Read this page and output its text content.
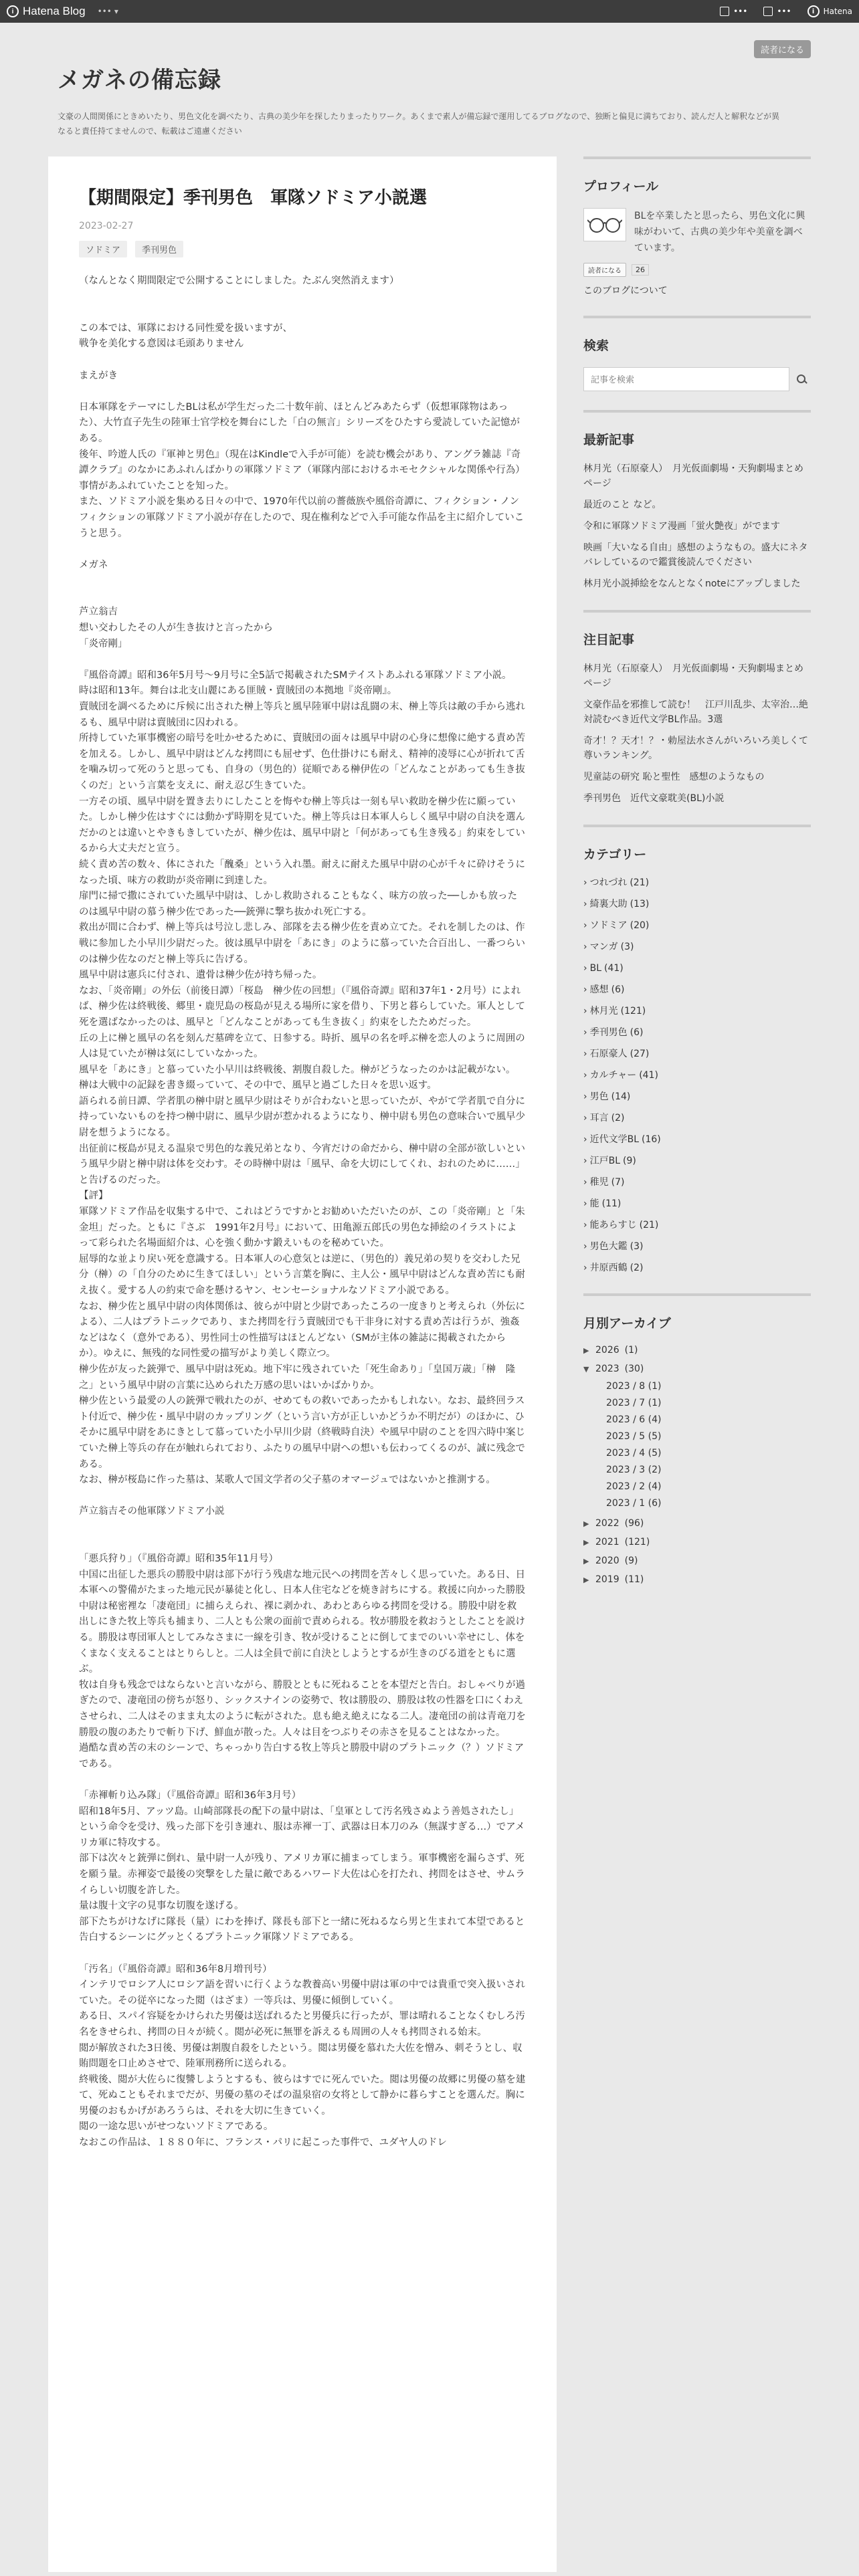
i Hatena Blog ••• ▾	•••	•••	i	Hatena
読者になる
メガネの備忘録

文豪の人間関係にときめいたり、男色文化を調べたり、古典の美少年を探したりまったりワーク。あくまで素人が備忘録で運用してるブログなので、独断と偏見に満ちており、読んだ人と解釈などが異なると責任持てませんので、転載はご遠慮ください

【期間限定】季刊男色　軍隊ソドミア小説選
2023-02-27
ソドミア	季刊男色

（なんとなく期間限定で公開することにしました。たぶん突然消えます）

この本では、軍隊における同性愛を扱いますが、

戦争を美化する意図は毛頭ありません

まえがき

日本軍隊をテーマにしたBLは私が学生だった二十数年前、ほとんどみあたらず（仮想軍隊物はあった）、大竹直子先生の陸軍士官学校を舞台にした「白の無言」シリーズをひたすら愛読していた記憶がある。

後年、吟遊人氏の『軍神と男色』（現在はKindleで入手が可能）を読む機会があり、アングラ雑誌『奇譚クラブ』のなかにあふれんばかりの軍隊ソドミア（軍隊内部におけるホモセクシャルな関係や行為）事情があふれていたことを知った。

また、ソドミア小説を集める日々の中で、1970年代以前の薔薇族や風俗奇譚に、フィクション・ノンフィクションの軍隊ソドミア小説が存在したので、現在権利などで入手可能な作品を主に紹介していこうと思う。

メガネ

芦立翁吉

想い交わしたその人が生き抜けと言ったから

「炎帝剛」

『風俗奇譚』昭和36年5月号～9月号に全5話で掲載されたSMテイストあふれる軍隊ソドミア小説。

時は昭和13年。舞台は北支山麗にある匪賊・賣賊団の本拠地『炎帝剛』。

賣賊団を調べるために斥候に出された榊上等兵と風早陸軍中尉は乱闘の末、榊上等兵は敵の手から逃れるも、風早中尉は賣賊団に囚われる。

所持していた軍事機密の暗号を吐かせるために、賣賊団の面々は風早中尉の心身に想像に絶する責め苦を加える。しかし、風早中尉はどんな拷問にも屈せず、色仕掛けにも耐え、精神的凌辱に心が折れて舌を噛み切って死のうと思っても、自身の（男色的）従順である榊伊佐の「どんなことがあっても生き抜くのだ」という言葉を支えに、耐え忍び生きていた。

一方その頃、風早中尉を置き去りにしたことを悔やむ榊上等兵は一刻も早い救助を榊少佐に願っていた。しかし榊少佐はすぐには動かず時期を見ていた。榊上等兵は日本軍人らしく風早中尉の自決を選んだかのとは違いとやきもきしていたが、榊少佐は、風早中尉と「何があっても生き残る」約束をしているから大丈夫だと宣う。

続く責め苦の数々、体にされた「醜桑」という入れ墨。耐えに耐えた風早中尉の心が千々に砕けそうになった頃、味方の救助が炎帝剛に到達した。

扉門に掃で撒にされていた風早中尉は、しかし救助されることもなく、味方の放った──しかも放ったのは風早中尉の慕う榊少佐であった──銃弾に撃ち抜かれ死亡する。

救出が間に合わず、榊上等兵は号泣し悲しみ、部隊を去る榊少佐を責め立てた。それを制したのは、作戦に参加した小早川少尉だった。彼は風早中尉を「あにき」のように慕っていた合百出し、一番つらいのは榊少佐なのだと榊上等兵に告げる。

風早中尉は憲兵に付され、遺骨は榊少佐が持ち帰った。

なお、「炎帝剛」の外伝（前後日譚）「桜島　榊少佐の回想」（『風俗奇譚』昭和37年1・2月号）によれば、榊少佐は終戦後、郷里・鹿児島の桜島が見える場所に家を借り、下男と暮らしていた。軍人として死を選ばなかったのは、風早と「どんなことがあっても生き抜く」約束をしたためだった。

丘の上に榊と風早の名を刻んだ墓碑を立て、日参する。時折、風早の名を呼ぶ榊を恋人のように周囲の人は見ていたが榊は気にしていなかった。

風早を「あにき」と慕っていた小早川は終戦後、割腹自殺した。榊がどうなったのかは記載がない。

榊は大戦中の記録を書き綴っていて、その中で、風早と過ごした日々を思い返す。

語られる前日譚、学者肌の榊中尉と風早少尉はそりが合わないと思っていたが、やがて学者肌で自分に持っていないものを持つ榊中尉に、風早少尉が惹かれるようになり、榊中尉も男色の意味合いで風早少尉を想うようになる。

出征前に桜島が見える温泉で男色的な義兄弟となり、今宵だけの命だから、榊中尉の全部が欲しいという風早少尉と榊中尉は体を交わす。その時榊中尉は「風早、命を大切にしてくれ、おれのために……」と告げるのだった。

【評】

軍隊ソドミア作品を収集する中で、これはどうですかとお勧めいただいたのが、この「炎帝剛」と「朱金坦」だった。ともに『さぶ　1991年2月号』において、田亀源五郎氏の男色な挿絵のイラストによって彩られた名場面紹介は、心を強く動かす鍛えいものを秘めていた。

屈辱的な並より戻い死を意識する。日本軍人の心意気とは逆に、（男色的）義兄弟の契りを交わした兄分（榊）の「自分のために生きてほしい」という言葉を胸に、主人公・風早中尉はどんな責め苦にも耐え抜く。愛する人の約束で命を懸けるヤン、センセーショナルなソドミア小説である。

なお、榊少佐と風早中尉の肉体関係は、彼らが中尉と少尉であったころの一度きりと考えられ（外伝による）、二人はプラトニックであり、また拷問を行う賣賊団でも干非身に対する責め苦は行うが、強姦などはなく（意外である）、男性同士の性描写はほとんどない（SMが主体の雑誌に掲載されたからか）。ゆえに、無残的な同性愛の描写がより美しく際立つ。

榊少佐が友った銃弾で、風早中尉は死ぬ。地下牢に残されていた「死生命あり」「皇国万歳」「榊　隆之」という風早中尉の言葉に込められた万感の思いはいかばかりか。

榊少佐という最愛の人の銃弾で戦れたのが、せめてもの救いであったかもしれない。なお、最終回ラスト付近で、榊少佐・風早中尉のカップリング（という言い方が正しいかどうか不明だが）のほかに、ひそかに風早中尉をあにきとして慕っていた小早川少尉（終戦時自決）や風早中尉のことを四六時中案じていた榊上等兵の存在が触れられており、ふたりの風早中尉への想いも伝わってくるのが、誠に残念である。

なお、榊が桜島に作った墓は、某歌人で国文学者の父子墓のオマージュではないかと推測する。

芦立翁吉その他軍隊ソドミア小説

「悪兵狩り」（『風俗奇譚』昭和35年11月号）

中国に出征した悪兵の勝股中尉は部下が行う残虐な地元民への拷問を苦々しく思っていた。ある日、日本軍への警備がたまった地元民が暴徒と化し、日本人住宅などを焼き討ちにする。救援に向かった勝股中尉は秘密裡な「凄竜団」に捕らえられ、裸に剥かれ、あわとあらゆる拷問を受ける。勝股中尉を救出しにきた牧上等兵も捕まり、二人とも公衆の面前で責められる。牧が勝股を救おうとしたことを説ける。勝股は専団軍人としてみなさまに一線を引き、牧が受けることに倒してまでのいい幸せにし、体をくまなく支えることはとりらしと。二人は全員で前に自決としようとするが生きのびる道をともに選ぶ。

牧は自身も残念ではならないと言いながら、勝股とともに死ねることを本望だと告白。おしゃべりが過ぎたので、凄竜団の傍ちが怒り、シックスナインの姿勢で、牧は勝股の、勝股は牧の性器を口にくわえさせられ、二人はそのまま丸太のように転がされた。息も絶え絶えになる二人。凄竜団の前は青竜刀を勝股の腹のあたりで斬り下げ、鮮血が散った。人々は目をつぶりその赤さを見ることはなかった。

過酷な責め苦の末のシーンで、ちゃっかり告白する牧上等兵と勝股中尉のプラトニック（？）ソドミアである。

「赤褌斬り込み隊」（『風俗奇譚』昭和36年3月号）

昭和18年5月、アッツ島。山崎部隊長の配下の量中尉は、「皇軍として汚名残さぬよう善処されたし」という命令を受け、残った部下を引き連れ、服は赤褌一丁、武器は日本刀のみ（無謀すぎる…）でアメリカ軍に特攻する。

部下は次々と銃弾に倒れ、量中尉一人が残り、アメリカ軍に捕まってしまう。軍事機密を漏らさず、死を願う量。赤褌姿で最後の突撃をした量に敵であるハワード大佐は心を打たれ、拷問をはさせ、サムライらしい切腹を許した。

量は腹十文字の見事な切腹を遂げる。

部下たちがけなげに隊長（量）にわを捧げ、隊長も部下と一緒に死ねるなら男と生まれて本望であると告白するシーンにグッとくるプラトニック軍隊ソドミアである。

「汚名」（『風俗奇譚』昭和36年8月増刊号）

インテリでロシア人にロシア語を習いに行くような教養高い男優中尉は軍の中では貴重で突入扱いされていた。その従卒になった閲（はざま）一等兵は、男優に傾倒していく。

ある日、スパイ容疑をかけられた男優は送ばれるたと男優兵に行ったが、罪は晴れることなくむしろ汚名をきせられ、拷問の日々が続く。閲が必死に無罪を訴えるも周囲の人々も拷問される始末。

閲が解放された3日後、男優は割腹自殺をしたという。閲は男優を慕れた大佐を憎み、刺そうとし、収賄問題を口止めさせで、陸軍刑務所に送られる。

終戦後、閲が大佐らに復讐しようとするも、彼らはすでに死んでいた。閲は男優の故郷に男優の墓を建て、死ぬこともそれまでだが、男優の墓のそばの温泉宿の女将として静かに暮らすことを選んだ。胸に男優のおもかげがあろうらは、それを大切に生きていく。

閲の一途な思いがせつないソドミアである。

なおこの作品は、１８８０年に、フランス・パリに起こった事件で、ユダヤ人のドレ

プロフィール
BLを卒業したと思ったら、男色文化に興味がわいて、古典の美少年や美童を調べています。
読者になる	26
このブログについて
検索
記事を検索
最新記事
林月光（石原豪人）　月光仮面劇場・天狗劇場まとめページ
最近のこと など。
令和に軍隊ソドミア漫画「蛍火艶夜」がでます
映画「大いなる自由」感想のようなもの。盛大にネタバレしているので鑑賞後読んでください
林月光小説挿絵をなんとなくnoteにアップしました
注目記事
林月光（石原豪人）　月光仮面劇場・天狗劇場まとめページ
文豪作品を邪推して読む！　江戸川乱歩、太宰治…絶対読むべき近代文学BL作品。3選
奇才！？天才！？・勅屋法水さんがいろいろ美しくて尊いランキング。
児童誌の研究 恥と聖性　感想のようなもの
季刊男色　近代文豪耽美(BL)小説
カテゴリー
› つれづれ (21)
› 綺裏大助 (13)
› ソドミア (20)
› マンガ (3)
› BL (41)
› 感想 (6)
› 林月光 (121)
› 季刊男色 (6)
› 石原豪人 (27)
› カルチャー (41)
› 男色 (14)
› 耳言 (2)
› 近代文学BL (16)
› 江戸BL (9)
› 稚児 (7)
› 能 (11)
› 能あらすじ (21)
› 男色大鑑 (3)
› 井原西鶴 (2)
月別アーカイブ
▶ 2026 (1)
▼ 2023 (30)
2023 / 8 (1)
2023 / 7 (1)
2023 / 6 (4)
2023 / 5 (5)
2023 / 4 (5)
2023 / 3 (2)
2023 / 2 (4)
2023 / 1 (6)
▶ 2022 (96)
▶ 2021 (121)
▶ 2020 (9)
▶ 2019 (11)
